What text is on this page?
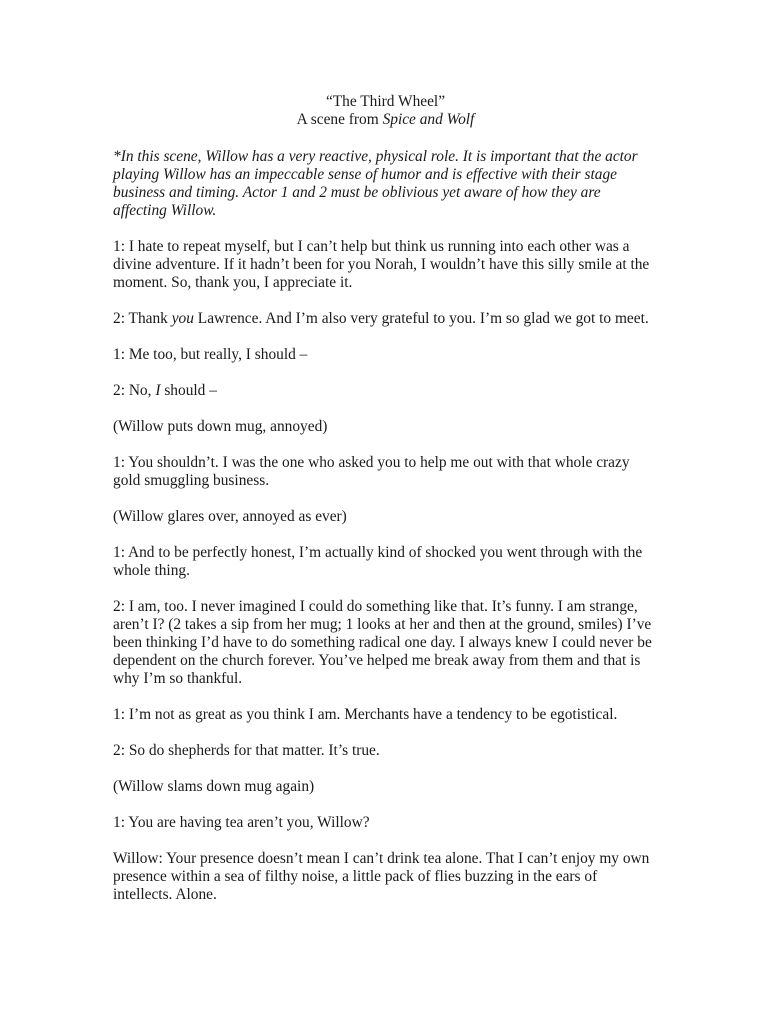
“The Third Wheel”
A scene from Spice and Wolf

*In this scene, Willow has a very reactive, physical role. It is important that the actor playing Willow has an impeccable sense of humor and is effective with their stage business and timing. Actor 1 and 2 must be oblivious yet aware of how they are affecting Willow.

1: I hate to repeat myself, but I can’t help but think us running into each other was a divine adventure. If it hadn’t been for you Norah, I wouldn’t have this silly smile at the moment. So, thank you, I appreciate it.

2: Thank you Lawrence. And I’m also very grateful to you. I’m so glad we got to meet.

1: Me too, but really, I should –

2: No, I should –

(Willow puts down mug, annoyed)

1: You shouldn’t. I was the one who asked you to help me out with that whole crazy gold smuggling business.

(Willow glares over, annoyed as ever)

1: And to be perfectly honest, I’m actually kind of shocked you went through with the whole thing.

2: I am, too. I never imagined I could do something like that. It’s funny. I am strange, aren’t I? (2 takes a sip from her mug; 1 looks at her and then at the ground, smiles) I’ve been thinking I’d have to do something radical one day. I always knew I could never be dependent on the church forever. You’ve helped me break away from them and that is why I’m so thankful.

1: I’m not as great as you think I am. Merchants have a tendency to be egotistical.

2: So do shepherds for that matter. It’s true.

(Willow slams down mug again)

1: You are having tea aren’t you, Willow?

Willow: Your presence doesn’t mean I can’t drink tea alone. That I can’t enjoy my own presence within a sea of filthy noise, a little pack of flies buzzing in the ears of intellects. Alone.
